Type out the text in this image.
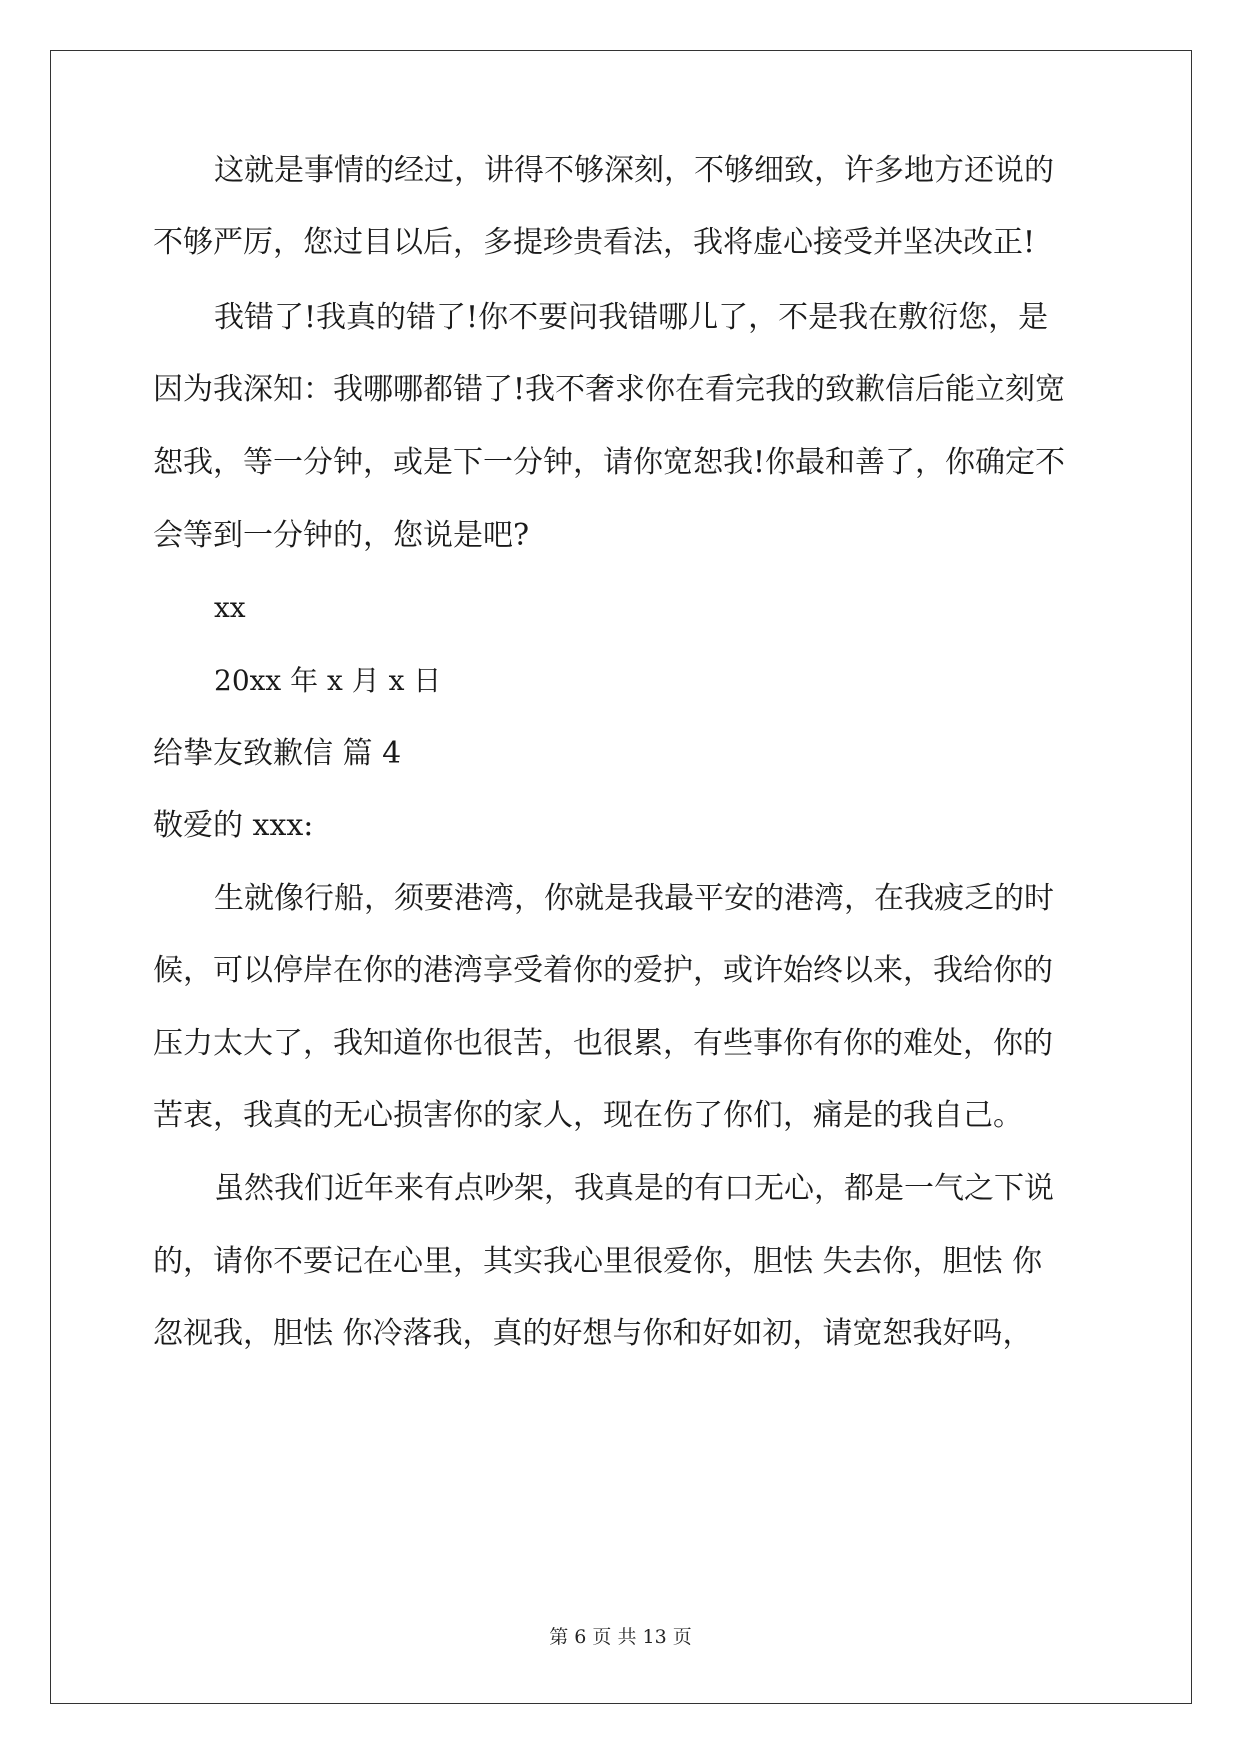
这就是事情的经过，讲得不够深刻，不够细致，许多地方还说的
不够严厉，您过目以后，多提珍贵看法，我将虚心接受并坚决改正!
我错了!我真的错了!你不要问我错哪儿了，不是我在敷衍您，是
因为我深知：我哪哪都错了!我不奢求你在看完我的致歉信后能立刻宽
恕我，等一分钟，或是下一分钟，请你宽恕我!你最和善了，你确定不
会等到一分钟的，您说是吧?
xx
20xx 年 x 月 x 日
给挚友致歉信 篇 4
敬爱的 xxx:
生就像行船，须要港湾，你就是我最平安的港湾，在我疲乏的时
候，可以停岸在你的港湾享受着你的爱护，或许始终以来，我给你的
压力太大了，我知道你也很苦，也很累，有些事你有你的难处，你的
苦衷，我真的无心损害你的家人，现在伤了你们，痛是的我自己。
虽然我们近年来有点吵架，我真是的有口无心，都是一气之下说
的，请你不要记在心里，其实我心里很爱你，胆怯 失去你，胆怯 你
忽视我，胆怯 你冷落我，真的好想与你和好如初，请宽恕我好吗，
第 6 页 共 13 页
